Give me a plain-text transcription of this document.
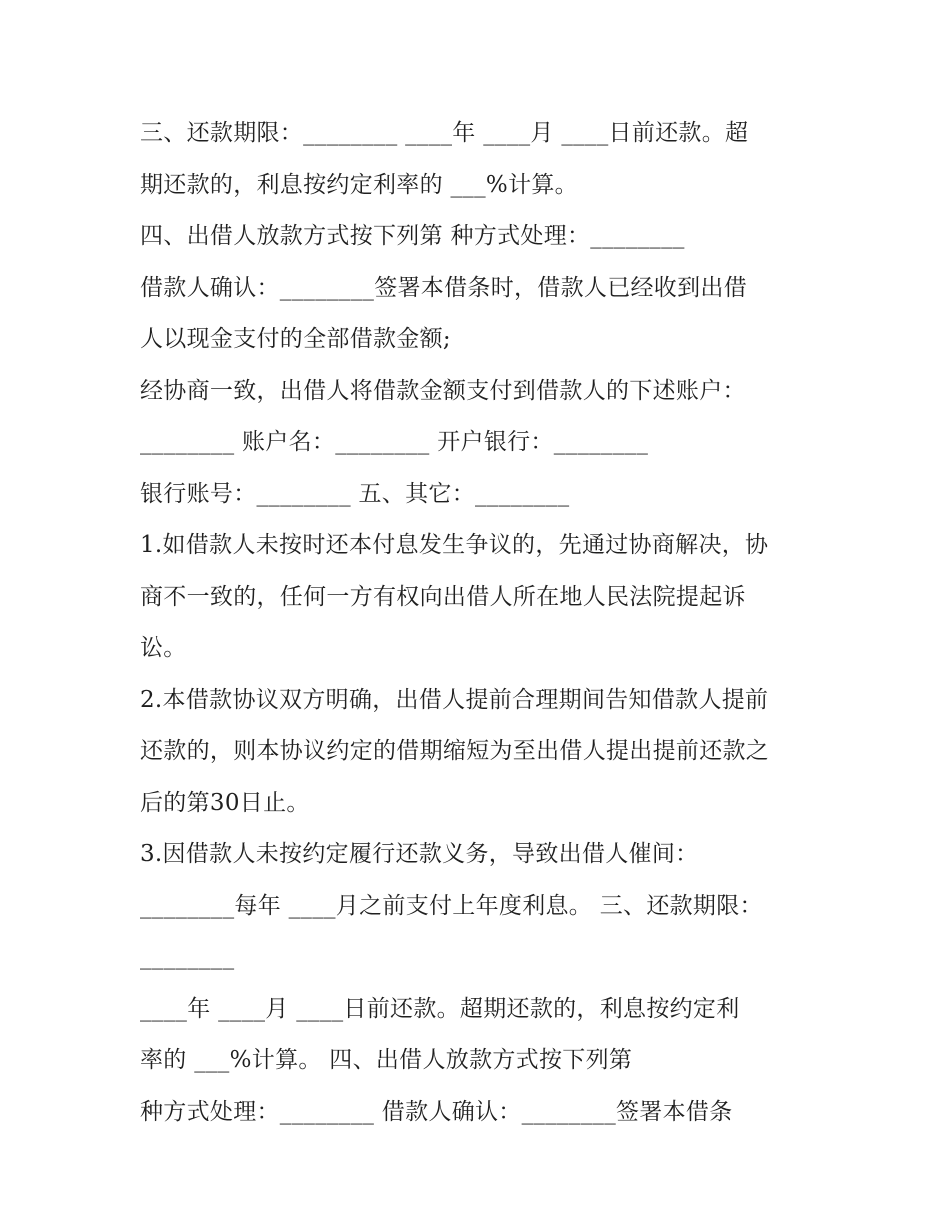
三、还款期限：________ ____年 ____月 ____日前还款。超
期还款的，利息按约定利率的 ___%计算。
四、出借人放款方式按下列第 种方式处理：________
借款人确认：________签署本借条时，借款人已经收到出借
人以现金支付的全部借款金额;
经协商一致，出借人将借款金额支付到借款人的下述账户：
________ 账户名：________ 开户银行：________
银行账号：________ 五、其它：________
1.如借款人未按时还本付息发生争议的，先通过协商解决，协
商不一致的，任何一方有权向出借人所在地人民法院提起诉
讼。
2.本借款协议双方明确，出借人提前合理期间告知借款人提前
还款的，则本协议约定的借期缩短为至出借人提出提前还款之
后的第30日止。
3.因借款人未按约定履行还款义务，导致出借人催间：
________每年 ____月之前支付上年度利息。 三、还款期限：
________
____年 ____月 ____日前还款。超期还款的，利息按约定利
率的 ___%计算。 四、出借人放款方式按下列第
种方式处理：________ 借款人确认：________签署本借条
